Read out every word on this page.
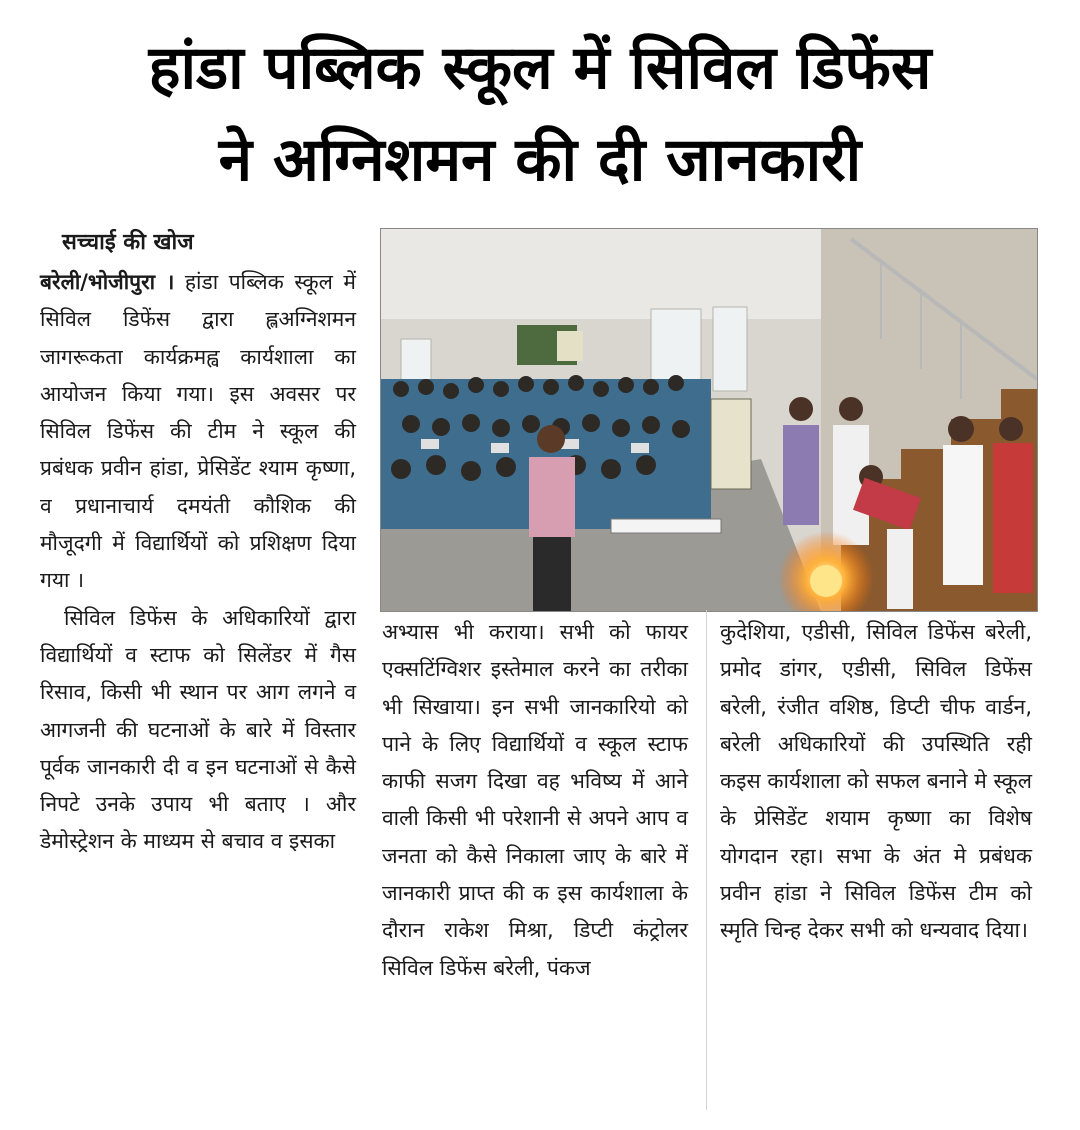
हांडा पब्लिक स्कूल में सिविल डिफेंस
ने अग्निशमन की दी जानकारी
सच्चाई की खोज

बरेली/भोजीपुरा । हांडा पब्लिक स्कूल में सिविल डिफेंस द्वारा ह्लअग्निशमन जागरूकता कार्यक्रमह्व कार्यशाला का आयोजन किया गया। इस अवसर पर सिविल डिफेंस की टीम ने स्कूल की प्रबंधक प्रवीन हांडा, प्रेसिडेंट श्याम कृष्णा, व प्रधानाचार्य दमयंती कौशिक की मौजूदगी में विद्यार्थियों को प्रशिक्षण दिया गया ।

सिविल डिफेंस के अधिकारियों द्वारा विद्यार्थियों व स्टाफ को सिलेंडर में गैस रिसाव, किसी भी स्थान पर आग लगने व आगजनी की घटनाओं के बारे में विस्तार पूर्वक जानकारी दी व इन घटनाओं से कैसे निपटे उनके उपाय भी बताए । और डेमोस्ट्रेशन के माध्यम से बचाव व इसका

अभ्यास भी कराया। सभी को फायर एक्सटिंग्विशर इस्तेमाल करने का तरीका भी सिखाया। इन सभी जानकारियो को पाने के लिए विद्यार्थियों व स्कूल स्टाफ काफी सजग दिखा वह भविष्य में आने वाली किसी भी परेशानी से अपने आप व जनता को कैसे निकाला जाए के बारे में जानकारी प्राप्त की क इस कार्यशाला के दौरान राकेश मिश्रा, डिप्टी कंट्रोलर सिविल डिफेंस बरेली, पंकज

कुदेशिया, एडीसी, सिविल डिफेंस बरेली, प्रमोद डांगर, एडीसी, सिविल डिफेंस बरेली, रंजीत वशिष्ठ, डिप्टी चीफ वार्डन, बरेली अधिकारियों की उपस्थिति रही कइस कार्यशाला को सफल बनाने मे स्कूल के प्रेसिडेंट शयाम कृष्णा का विशेष योगदान रहा। सभा के अंत मे प्रबंधक प्रवीन हांडा ने सिविल डिफेंस टीम को स्मृति चिन्ह देकर सभी को धन्यवाद दिया।
